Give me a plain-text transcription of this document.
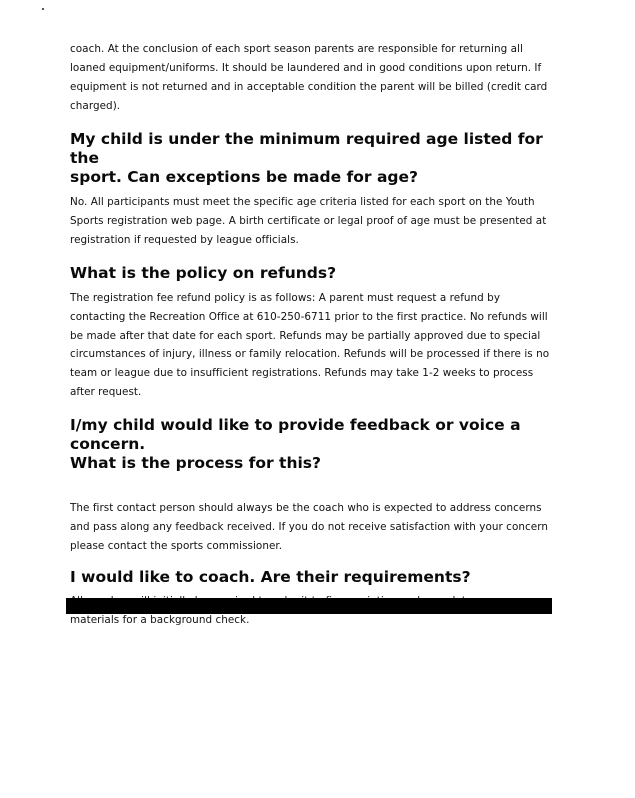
coach. At the conclusion of each sport season parents are responsible for returning all
loaned equipment/uniforms. It should be laundered and in good conditions upon return. If
equipment is not returned and in acceptable condition the parent will be billed (credit card
charged).

My child is under the minimum required age listed for the
sport. Can exceptions be made for age?

No. All participants must meet the specific age criteria listed for each sport on the Youth
Sports registration web page. A birth certificate or legal proof of age must be presented at
registration if requested by league officials.

What is the policy on refunds?

The registration fee refund policy is as follows: A parent must request a refund by
contacting the Recreation Office at 610-250-6711 prior to the first practice. No refunds will
be made after that date for each sport. Refunds may be partially approved due to special
circumstances of injury, illness or family relocation. Refunds will be processed if there is no
team or league due to insufficient registrations. Refunds may take 1-2 weeks to process
after request.

I/my child would like to provide feedback or voice a concern.
What is the process for this?

The first contact person should always be the coach who is expected to address concerns
and pass along any feedback received. If you do not receive satisfaction with your concern
please contact the sports commissioner.

I would like to coach. Are their requirements?

materials for a background check.
